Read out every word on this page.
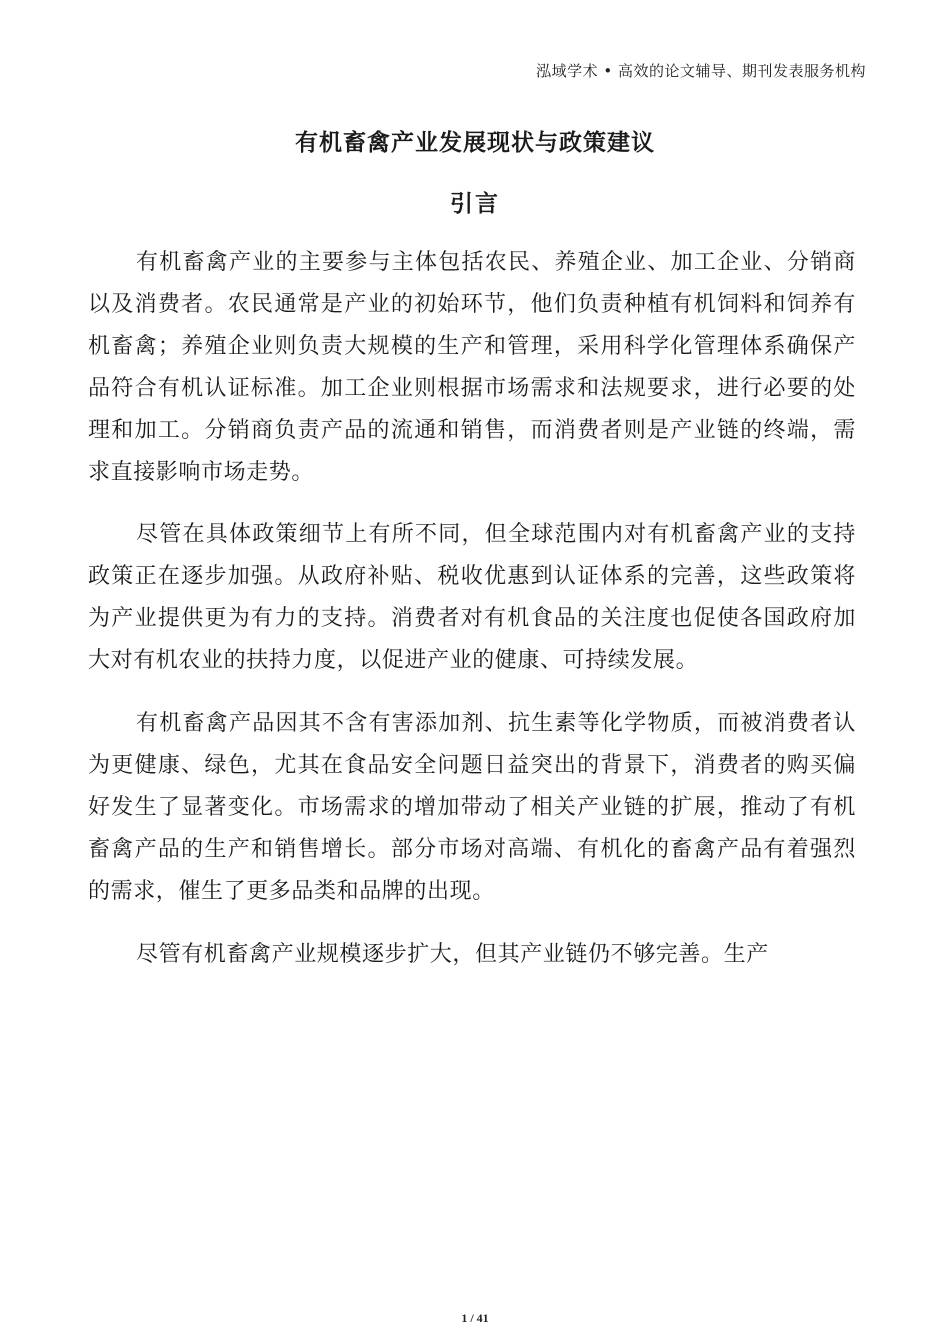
泓域学术 • 高效的论文辅导、期刊发表服务机构
有机畜禽产业发展现状与政策建议
引言

有机畜禽产业的主要参与主体包括农民、养殖企业、加工企业、分销商以及消费者。农民通常是产业的初始环节，他们负责种植有机饲料和饲养有机畜禽；养殖企业则负责大规模的生产和管理，采用科学化管理体系确保产品符合有机认证标准。加工企业则根据市场需求和法规要求，进行必要的处理和加工。分销商负责产品的流通和销售，而消费者则是产业链的终端，需求直接影响市场走势。

尽管在具体政策细节上有所不同，但全球范围内对有机畜禽产业的支持政策正在逐步加强。从政府补贴、税收优惠到认证体系的完善，这些政策将为产业提供更为有力的支持。消费者对有机食品的关注度也促使各国政府加大对有机农业的扶持力度，以促进产业的健康、可持续发展。

有机畜禽产品因其不含有害添加剂、抗生素等化学物质，而被消费者认为更健康、绿色，尤其在食品安全问题日益突出的背景下，消费者的购买偏好发生了显著变化。市场需求的增加带动了相关产业链的扩展，推动了有机畜禽产品的生产和销售增长。部分市场对高端、有机化的畜禽产品有着强烈的需求，催生了更多品类和品牌的出现。

尽管有机畜禽产业规模逐步扩大，但其产业链仍不够完善。生产

1 / 41
